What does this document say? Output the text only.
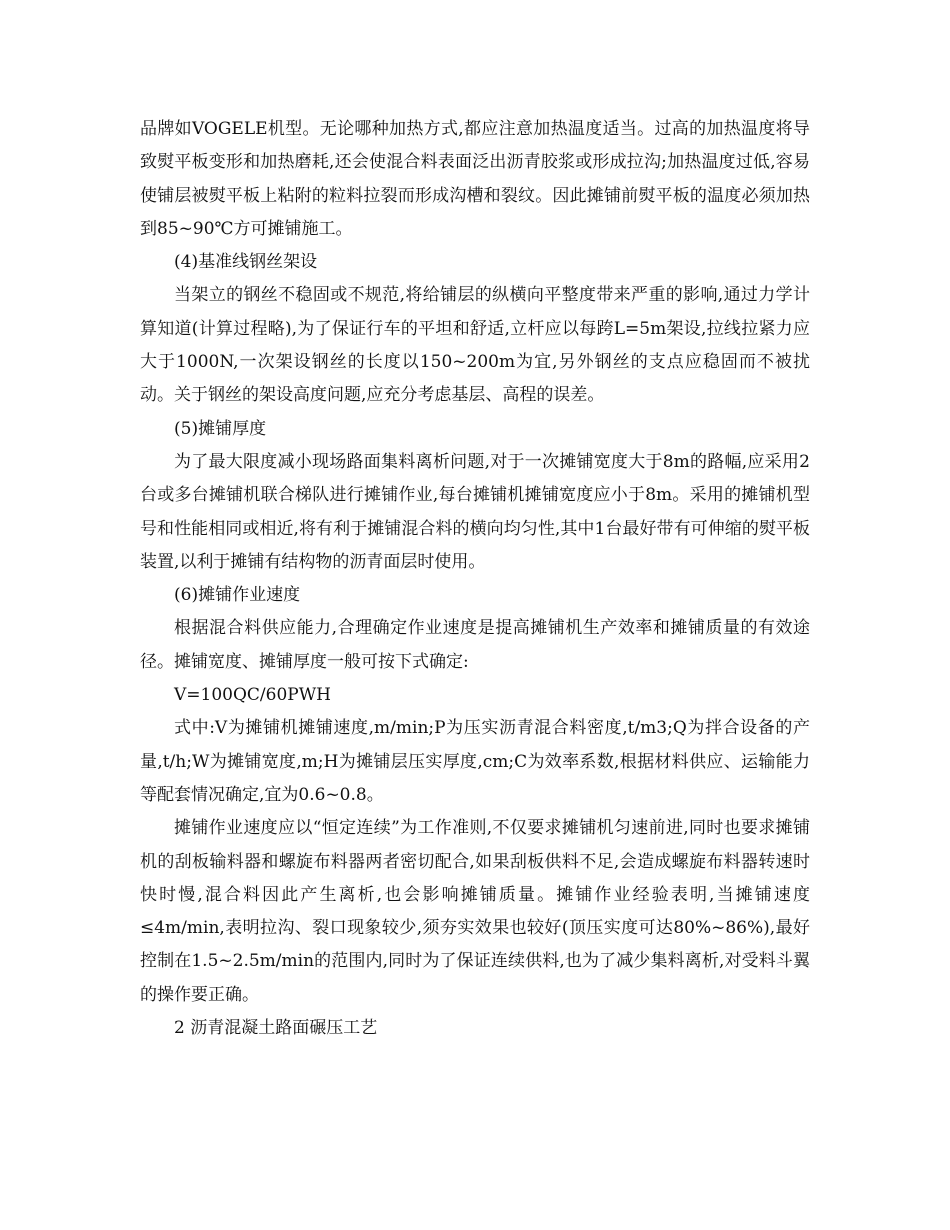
品牌如VOGELE机型。无论哪种加热方式,都应注意加热温度适当。过高的加热温度将导致熨平板变形和加热磨耗,还会使混合料表面泛出沥青胶浆或形成拉沟;加热温度过低,容易使铺层被熨平板上粘附的粒料拉裂而形成沟槽和裂纹。因此摊铺前熨平板的温度必须加热到85~90℃方可摊铺施工。

(4)基准线钢丝架设

当架立的钢丝不稳固或不规范,将给铺层的纵横向平整度带来严重的影响,通过力学计算知道(计算过程略),为了保证行车的平坦和舒适,立杆应以每跨L=5m架设,拉线拉紧力应大于1000N,一次架设钢丝的长度以150~200m为宜,另外钢丝的支点应稳固而不被扰动。关于钢丝的架设高度问题,应充分考虑基层、高程的误差。

(5)摊铺厚度

为了最大限度减小现场路面集料离析问题,对于一次摊铺宽度大于8m的路幅,应采用2台或多台摊铺机联合梯队进行摊铺作业,每台摊铺机摊铺宽度应小于8m。采用的摊铺机型号和性能相同或相近,将有利于摊铺混合料的横向均匀性,其中1台最好带有可伸缩的熨平板装置,以利于摊铺有结构物的沥青面层时使用。

(6)摊铺作业速度

根据混合料供应能力,合理确定作业速度是提高摊铺机生产效率和摊铺质量的有效途径。摊铺宽度、摊铺厚度一般可按下式确定:

V=100QC/60PWH

式中:V为摊铺机摊铺速度,m/min;P为压实沥青混合料密度,t/m3;Q为拌合设备的产量,t/h;W为摊铺宽度,m;H为摊铺层压实厚度,cm;C为效率系数,根据材料供应、运输能力等配套情况确定,宜为0.6~0.8。

摊铺作业速度应以“恒定连续”为工作准则,不仅要求摊铺机匀速前进,同时也要求摊铺机的刮板输料器和螺旋布料器两者密切配合,如果刮板供料不足,会造成螺旋布料器转速时快时慢,混合料因此产生离析,也会影响摊铺质量。摊铺作业经验表明,当摊铺速度≤4m/min,表明拉沟、裂口现象较少,须夯实效果也较好(顶压实度可达80%~86%),最好控制在1.5~2.5m/min的范围内,同时为了保证连续供料,也为了减少集料离析,对受料斗翼的操作要正确。

2 沥青混凝土路面碾压工艺
